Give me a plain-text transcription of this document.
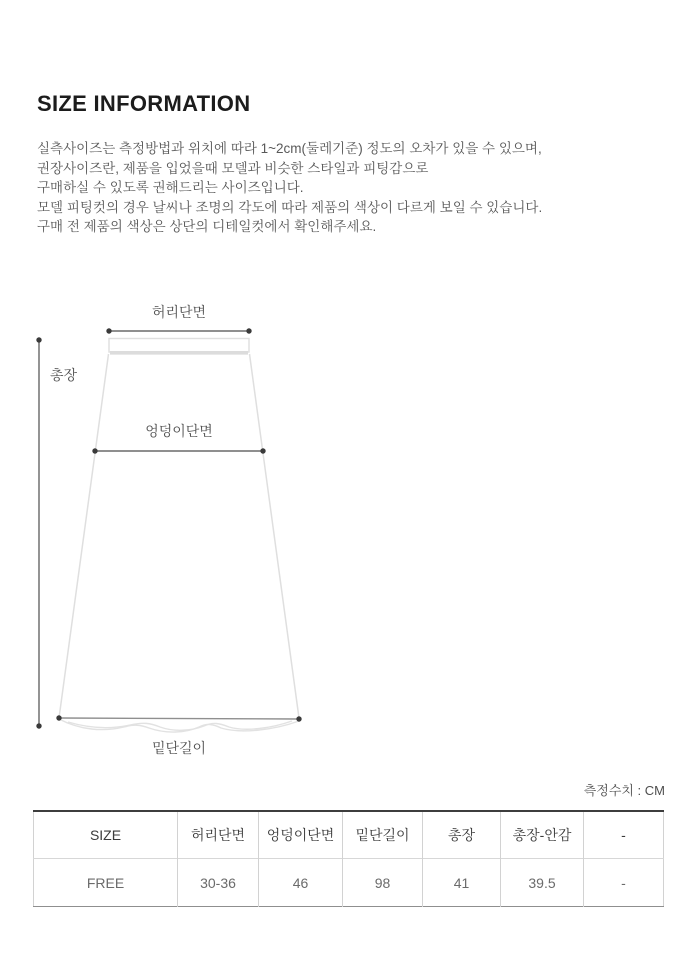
SIZE INFORMATION
실측사이즈는 측정방법과 위치에 따라 1~2cm(둘레기준) 정도의 오차가 있을 수 있으며,
권장사이즈란, 제품을 입었을때 모델과 비슷한 스타일과 피팅감으로
구매하실 수 있도록 권해드리는 사이즈입니다.
모델 피팅컷의 경우 날씨나 조명의 각도에 따라 제품의 색상이 다르게 보일 수 있습니다.
구매 전 제품의 색상은 상단의 디테일컷에서 확인해주세요.
허리단면
총장
엉덩이단면
밑단길이
측정수치 : CM
SIZE	허리단면	엉덩이단면	밑단길이	총장	총장-안감	-
FREE	30-36	46	98	41	39.5	-
